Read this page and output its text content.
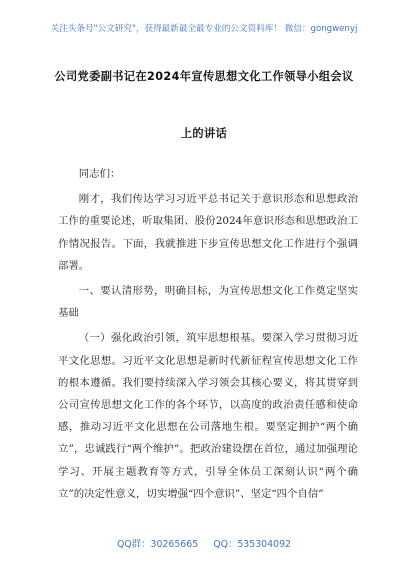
关注头条号"公文研究"，获得最新最全最专业的公文资料库！ 微信：gongwenyj
公司党委副书记在2024年宣传思想文化工作领导小组会议
上的讲话

同志们：

刚才，我们传达学习习近平总书记关于意识形态和思想政治工作的重要论述，听取集团、股份2024年意识形态和思想政治工作情况报告。下面，我就推进下步宣传思想文化工作进行个强调部署。

一、要认清形势，明确目标，为宣传思想文化工作奠定坚实基础

（一）强化政治引领，筑牢思想根基。要深入学习贯彻习近平文化思想。习近平文化思想是新时代新征程宣传思想文化工作的根本遵循。我们要持续深入学习领会其核心要义，将其贯穿到公司宣传思想文化工作的各个环节，以高度的政治责任感和使命感，推动习近平文化思想在公司落地生根。要坚定拥护“两个确立”，忠诚践行“两个维护”。把政治建设摆在首位，通过加强理论学习、开展主题教育等方式，引导全体员工深刻认识“两个确立”的决定性意义，切实增强“四个意识”、坚定“四个自信”

QQ群：30265665 QQ：535304092
